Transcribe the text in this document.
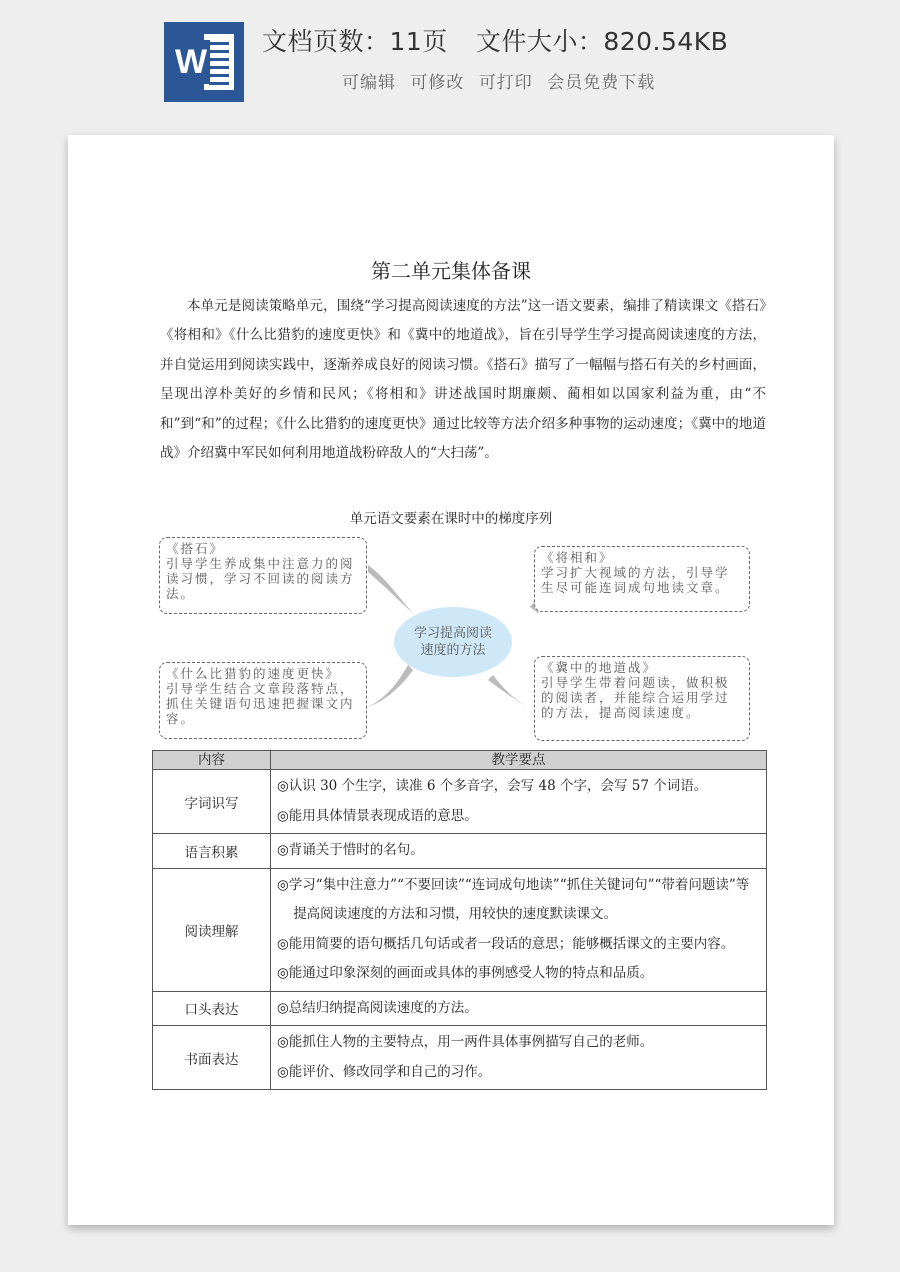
W
文档页数：11页 文件大小：820.54KB
可编辑 可修改 可打印 会员免费下载
第二单元集体备课

本单元是阅读策略单元，围绕“学习提高阅读速度的方法”这一语文要素，编排了精读课文《搭石》《将相和》《什么比猎豹的速度更快》和《冀中的地道战》，旨在引导学生学习提高阅读速度的方法，并自觉运用到阅读实践中，逐渐养成良好的阅读习惯。《搭石》描写了一幅幅与搭石有关的乡村画面，呈现出淳朴美好的乡情和民风；《将相和》讲述战国时期廉颇、蔺相如以国家利益为重，由“不和”到“和”的过程；《什么比猎豹的速度更快》通过比较等方法介绍多种事物的运动速度；《冀中的地道战》介绍冀中军民如何利用地道战粉碎敌人的“大扫荡”。

单元语文要素在课时中的梯度序列
《搭石》
引导学生养成集中注意力的阅读习惯，学习不回读的阅读方法。
《将相和》
学习扩大视域的方法，引导学生尽可能连词成句地读文章。
《什么比猎豹的速度更快》
引导学生结合文章段落特点，抓住关键语句迅速把握课文内容。
《冀中的地道战》
引导学生带着问题读，做积极的阅读者，并能综合运用学过的方法，提高阅读速度。
学习提高阅读速度的方法
内容	教学要点
字词识写	◎认识 30 个生字，读准 6 个多音字，会写 48 个字，会写 57 个词语。
◎能用具体情景表现成语的意思。

语言积累	◎背诵关于惜时的名句。

阅读理解	◎学习“集中注意力”“不要回读”“连词成句地读”“抓住关键词句”“带着问题读”等提高阅读速度的方法和习惯，用较快的速度默读课文。
◎能用简要的语句概括几句话或者一段话的意思；能够概括课文的主要内容。
◎能通过印象深刻的画面或具体的事例感受人物的特点和品质。

口头表达	◎总结归纳提高阅读速度的方法。

书面表达	◎能抓住人物的主要特点，用一两件具体事例描写自己的老师。
◎能评价、修改同学和自己的习作。
